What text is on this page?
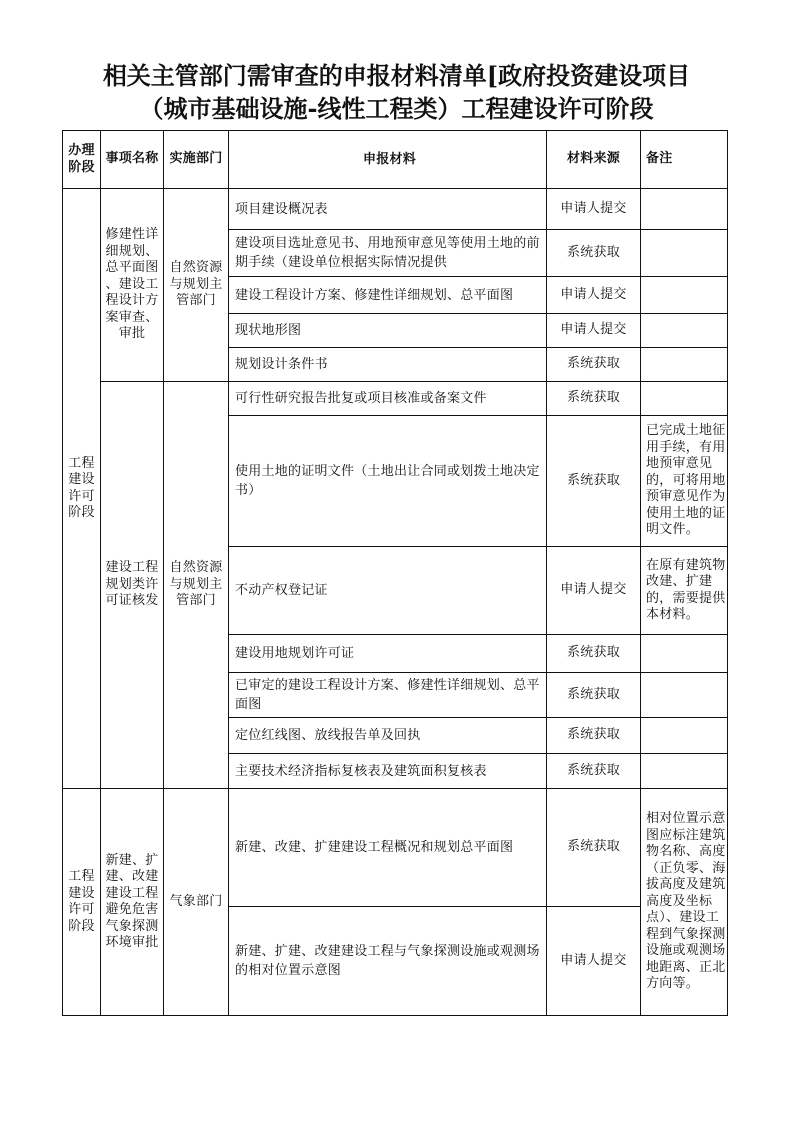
相关主管部门需审查的申报材料清单[政府投资建设项目
（城市基础设施-线性工程类）工程建设许可阶段
办理阶段	事项名称	实施部门	申报材料	材料来源	备注
工程建设许可阶段	修建性详细规划、总平面图、建设工程设计方案审查、审批	自然资源与规划主管部门	项目建设概况表	申请人提交	
			建设项目选址意见书、用地预审意见等使用土地的前期手续（建设单位根据实际情况提供	系统获取	
			建设工程设计方案、修建性详细规划、总平面图	申请人提交	
			现状地形图	申请人提交	
			规划设计条件书	系统获取	
	建设工程规划类许可证核发	自然资源与规划主管部门	可行性研究报告批复或项目核准或备案文件	系统获取	
			使用土地的证明文件（土地出让合同或划拨土地决定书）	系统获取	已完成土地征用手续，有用地预审意见的，可将用地预审意见作为使用土地的证明文件。
			不动产权登记证	申请人提交	在原有建筑物改建、扩建的，需要提供本材料。
			建设用地规划许可证	系统获取	
			已审定的建设工程设计方案、修建性详细规划、总平面图	系统获取	
			定位红线图、放线报告单及回执	系统获取	
			主要技术经济指标复核表及建筑面积复核表	系统获取	
工程建设许可阶段	新建、扩建、改建建设工程避免危害气象探测环境审批	气象部门	新建、改建、扩建建设工程概况和规划总平面图	系统获取	相对位置示意图应标注建筑物名称、高度（正负零、海拔高度及建筑高度及坐标点）、建设工程到气象探测设施或观测场地距离、正北方向等。
			新建、扩建、改建建设工程与气象探测设施或观测场的相对位置示意图	申请人提交	
